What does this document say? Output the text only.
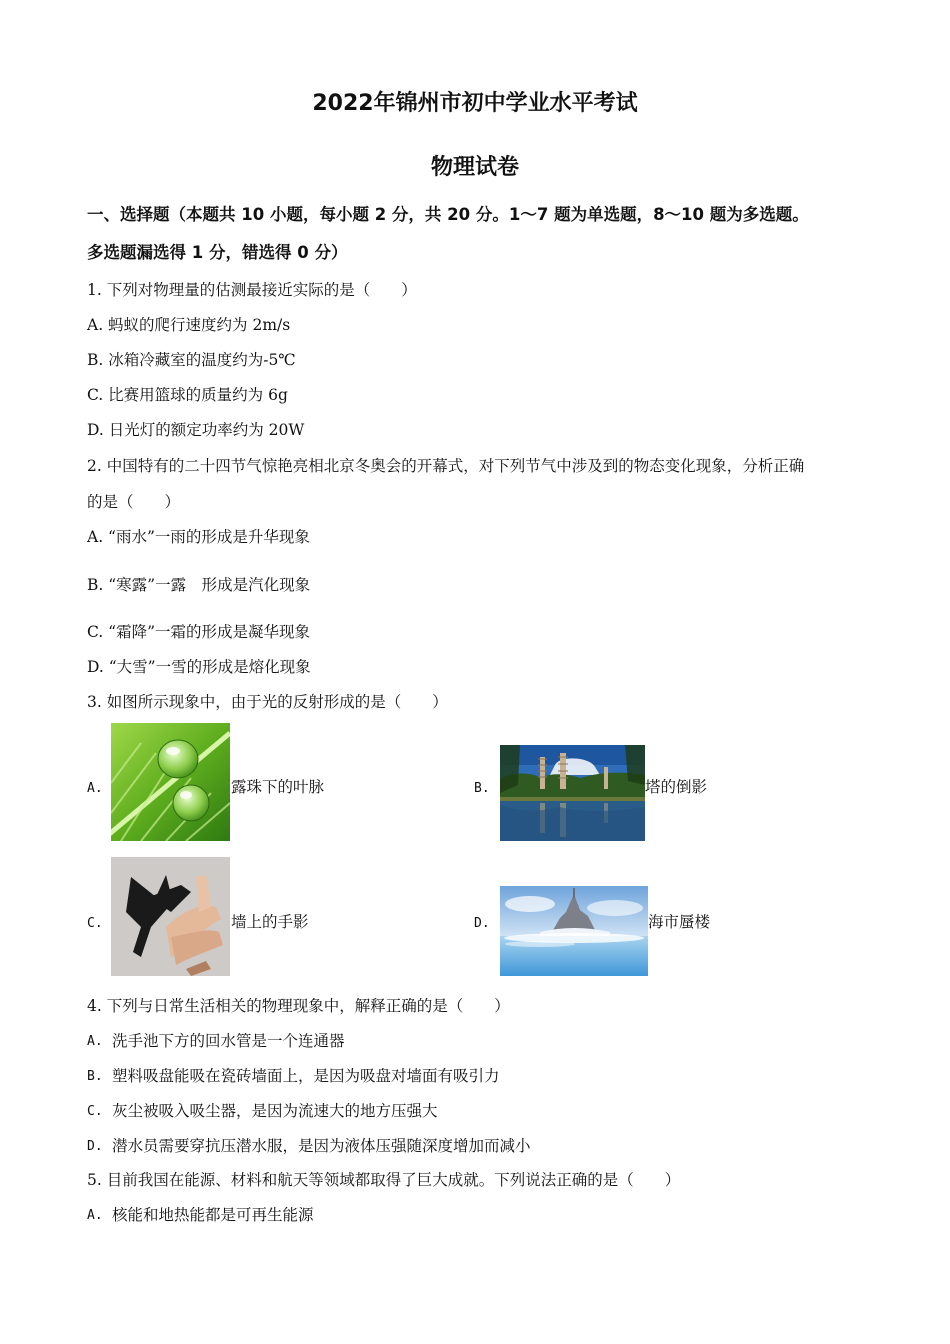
2022年锦州市初中学业水平考试
物理试卷
一、选择题（本题共 10 小题，每小题 2 分，共 20 分。1～7 题为单选题，8～10 题为多选题。
多选题漏选得 1 分，错选得 0 分）
1. 下列对物理量的估测最接近实际的是（　　）
A. 蚂蚁的爬行速度约为 2m/s
B. 冰箱冷藏室的温度约为-5℃
C. 比赛用篮球的质量约为 6g
D. 日光灯的额定功率约为 20W
2. 中国特有的二十四节气惊艳亮相北京冬奥会的开幕式，对下列节气中涉及到的物态变化现象，分析正确
的是（　　）
A. “雨水”一雨的形成是升华现象
B. “寒露”一露　形成是汽化现象
C. “霜降”一霜的形成是凝华现象
D. “大雪”一雪的形成是熔化现象
3. 如图所示现象中，由于光的反射形成的是（　　）
A.	露珠下的叶脉	B.	塔的倒影
C.	墙上的手影	D.	海市蜃楼
4. 下列与日常生活相关的物理现象中，解释正确的是（　　）
A. 洗手池下方的回水管是一个连通器
B. 塑料吸盘能吸在瓷砖墙面上，是因为吸盘对墙面有吸引力
C. 灰尘被吸入吸尘器，是因为流速大的地方压强大
D. 潜水员需要穿抗压潜水服，是因为液体压强随深度增加而减小
5. 目前我国在能源、材料和航天等领域都取得了巨大成就。下列说法正确的是（　　）
A. 核能和地热能都是可再生能源
